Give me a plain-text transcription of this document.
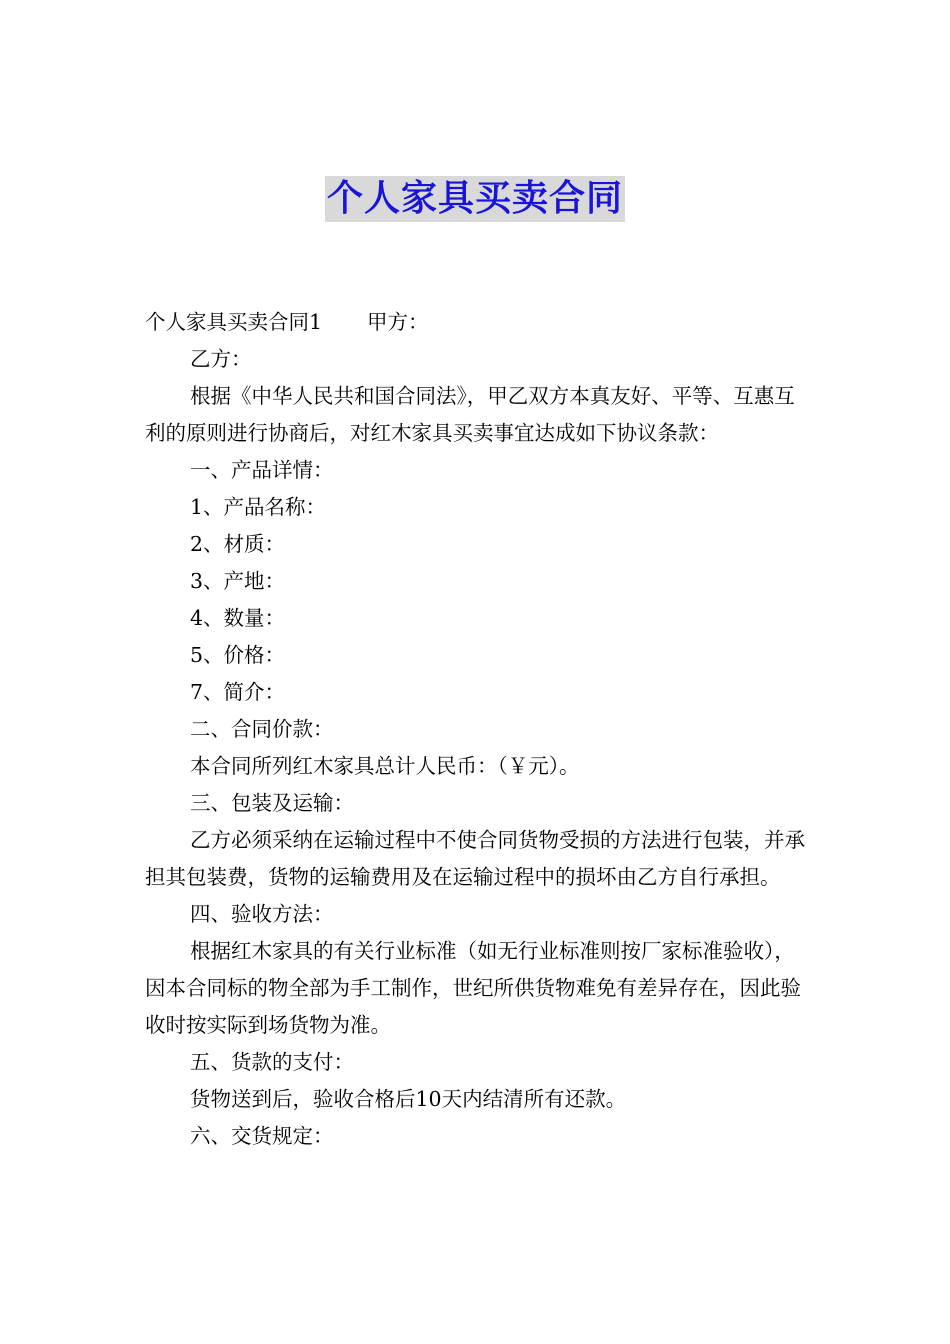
个人家具买卖合同

个人家具买卖合同1 甲方：

乙方：

根据《中华人民共和国合同法》，甲乙双方本真友好、平等、互惠互利的原则进行协商后，对红木家具买卖事宜达成如下协议条款：

一、产品详情：

1、产品名称：

2、材质：

3、产地：

4、数量：

5、价格：

7、简介：

二、合同价款：

本合同所列红木家具总计人民币：（￥元）。

三、包装及运输：

乙方必须采纳在运输过程中不使合同货物受损的方法进行包装，并承担其包装费，货物的运输费用及在运输过程中的损坏由乙方自行承担。

四、验收方法：

根据红木家具的有关行业标准（如无行业标准则按厂家标准验收），因本合同标的物全部为手工制作，世纪所供货物难免有差异存在，因此验收时按实际到场货物为准。

五、货款的支付：

货物送到后，验收合格后10天内结清所有还款。

六、交货规定：
